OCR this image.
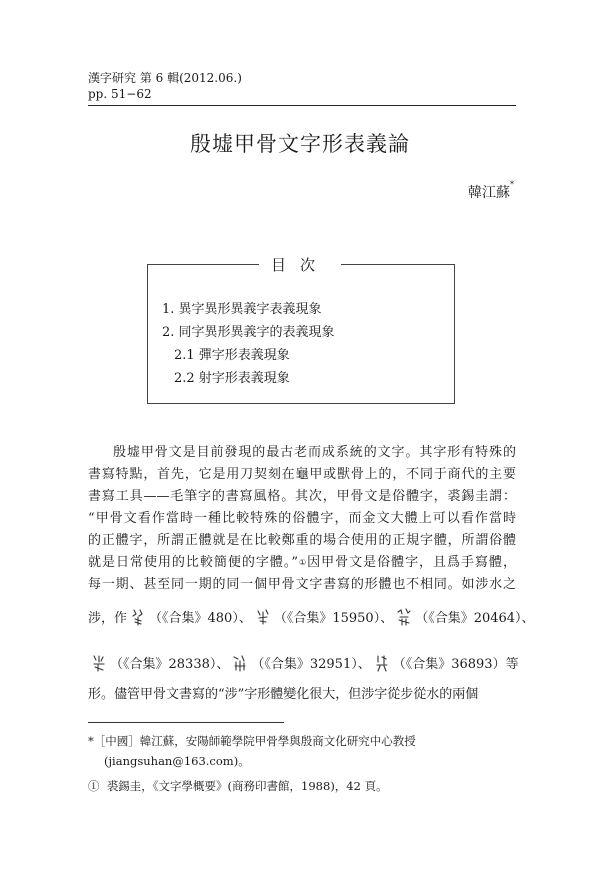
漢字研究 第 6 輯(2012.06.)
pp. 51−62
殷墟甲骨文字形表義論
韓江蘇*
目次
1. 異字異形異義字表義現象
2. 同字異形異義字的表義現象
2.1 彈字形表義現象
2.2 射字形表義現象
殷墟甲骨文是目前發現的最古老而成系統的文字。其字形有特殊的
書寫特點，首先，它是用刀契刻在龜甲或獸骨上的，不同于商代的主要
書寫工具——毛筆字的書寫風格。其次，甲骨文是俗體字，裘錫圭謂：
“甲骨文看作當時一種比較特殊的俗體字，而金文大體上可以看作當時
的正體字，所謂正體就是在比較鄭重的場合使用的正規字體，所謂俗體
就是日常使用的比較簡便的字體。”①因甲骨文是俗體字，且爲手寫體，
每一期、甚至同一期的同一個甲骨文字書寫的形體也不相同。如涉水之
涉，作 （《合集》480）、 （《合集》15950）、 （《合集》20464）、
（《合集》28338）、 （《合集》32951）、 （《合集》36893）等
形。儘管甲骨文書寫的“涉”字形體變化很大，但涉字從步從水的兩個
*［中國］韓江蘇，安陽師範學院甲骨學與殷商文化研究中心教授
(jiangsuhan@163.com)。
① 裘錫圭，《文字學概要》(商務印書館，1988)，42 頁。
